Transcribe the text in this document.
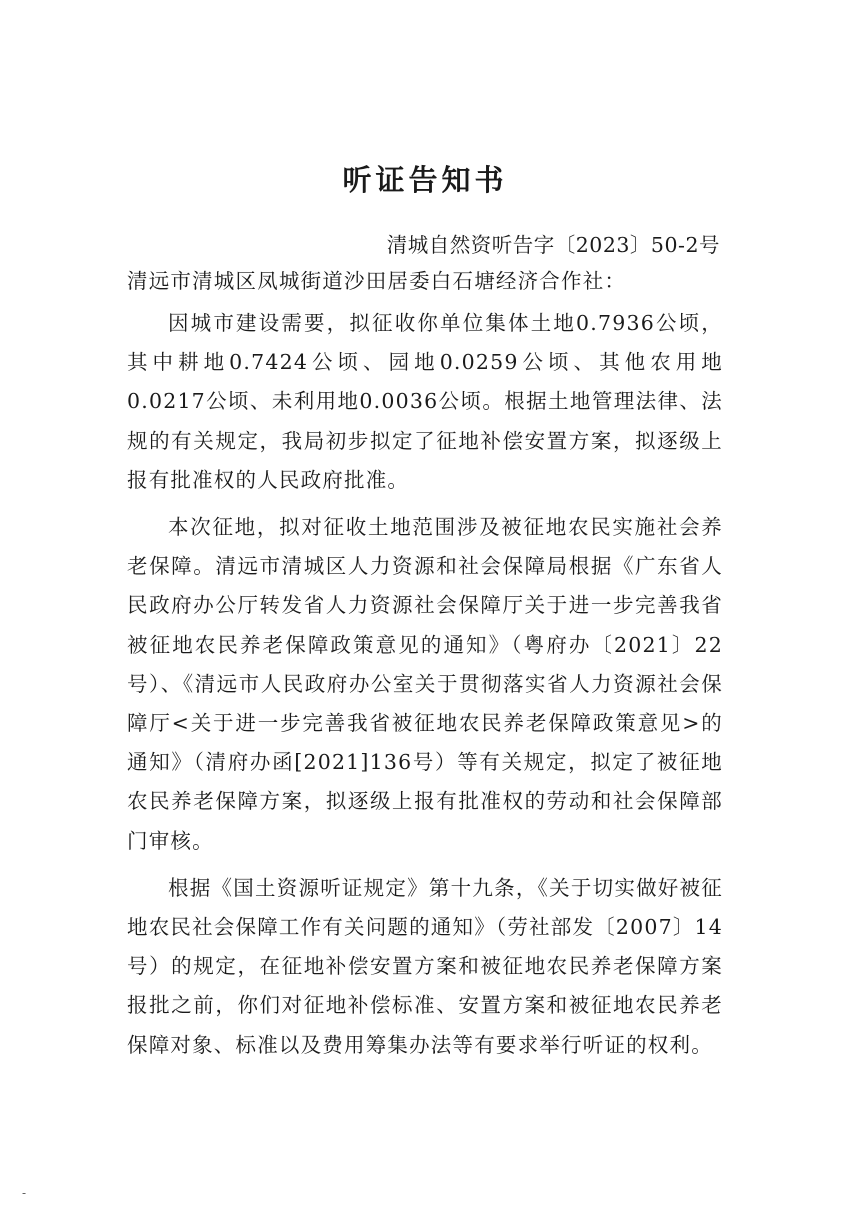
听证告知书
清城自然资听告字〔2023〕50-2号
清远市清城区凤城街道沙田居委白石塘经济合作社：

因城市建设需要，拟征收你单位集体土地0.7936公顷，其中耕地0.7424公顷、园地0.0259公顷、其他农用地0.0217公顷、未利用地0.0036公顷。根据土地管理法律、法规的有关规定，我局初步拟定了征地补偿安置方案，拟逐级上报有批准权的人民政府批准。

本次征地，拟对征收土地范围涉及被征地农民实施社会养老保障。清远市清城区人力资源和社会保障局根据《广东省人民政府办公厅转发省人力资源社会保障厅关于进一步完善我省被征地农民养老保障政策意见的通知》（粤府办〔2021〕22号）、《清远市人民政府办公室关于贯彻落实省人力资源社会保障厅<关于进一步完善我省被征地农民养老保障政策意见>的通知》（清府办函[2021]136号）等有关规定，拟定了被征地农民养老保障方案，拟逐级上报有批准权的劳动和社会保障部门审核。

根据《国土资源听证规定》第十九条，《关于切实做好被征地农民社会保障工作有关问题的通知》（劳社部发〔2007〕14号）的规定，在征地补偿安置方案和被征地农民养老保障方案报批之前，你们对征地补偿标准、安置方案和被征地农民养老保障对象、标准以及费用筹集办法等有要求举行听证的权利。

-
